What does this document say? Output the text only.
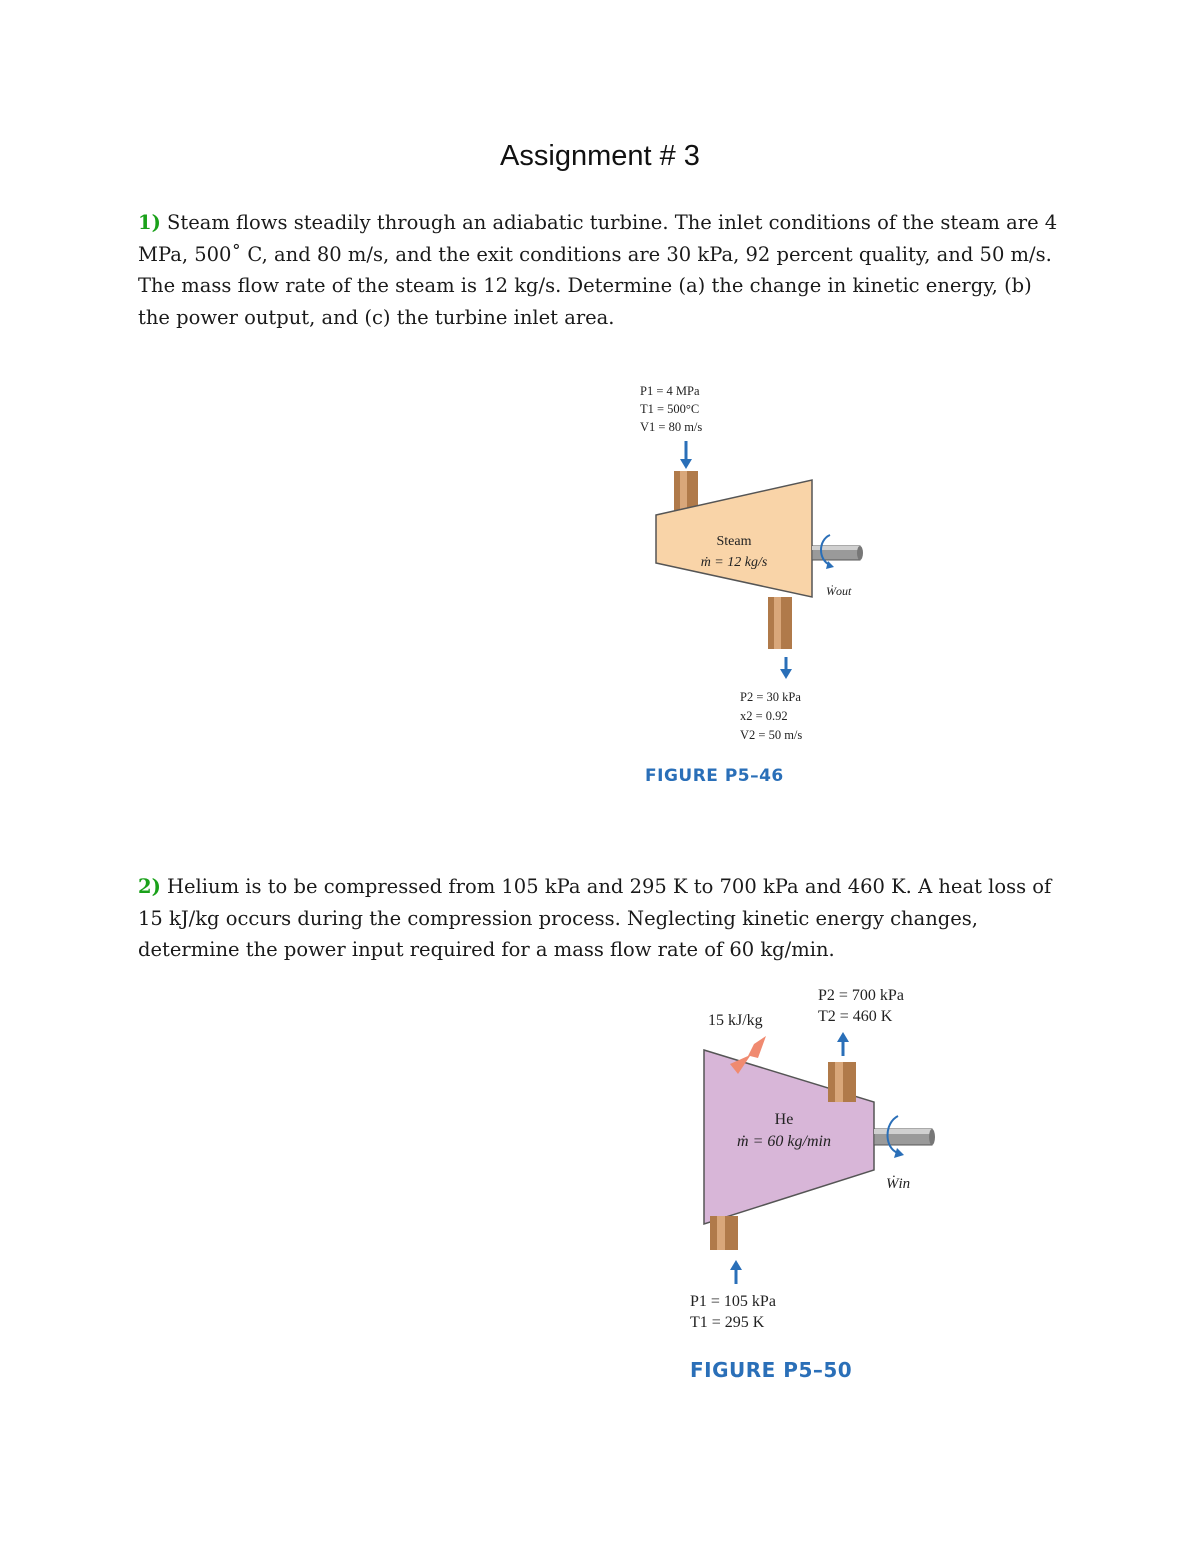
Assignment # 3
1) Steam flows steadily through an adiabatic turbine. The inlet conditions of the steam are 4 MPa, 500˚ C, and 80 m/s, and the exit conditions are 30 kPa, 92 percent quality, and 50 m/s. The mass flow rate of the steam is 12 kg/s. Determine (a) the change in kinetic energy, (b) the power output, and (c) the turbine inlet area.
P1 = 4 MPa
T1 = 500°C
V1 = 80 m/s
Steam
ṁ = 12 kg/s
Ẇout
P2 = 30 kPa
x2 = 0.92
V2 = 50 m/s
FIGURE P5–46
2) Helium is to be compressed from 105 kPa and 295 K to 700 kPa and 460 K. A heat loss of 15 kJ/kg occurs during the compression process. Neglecting kinetic energy changes, determine the power input required for a mass flow rate of 60 kg/min.
15 kJ/kg
P2 = 700 kPa
T2 = 460 K
He
ṁ = 60 kg/min
Ẇin
P1 = 105 kPa
T1 = 295 K
FIGURE P5–50
